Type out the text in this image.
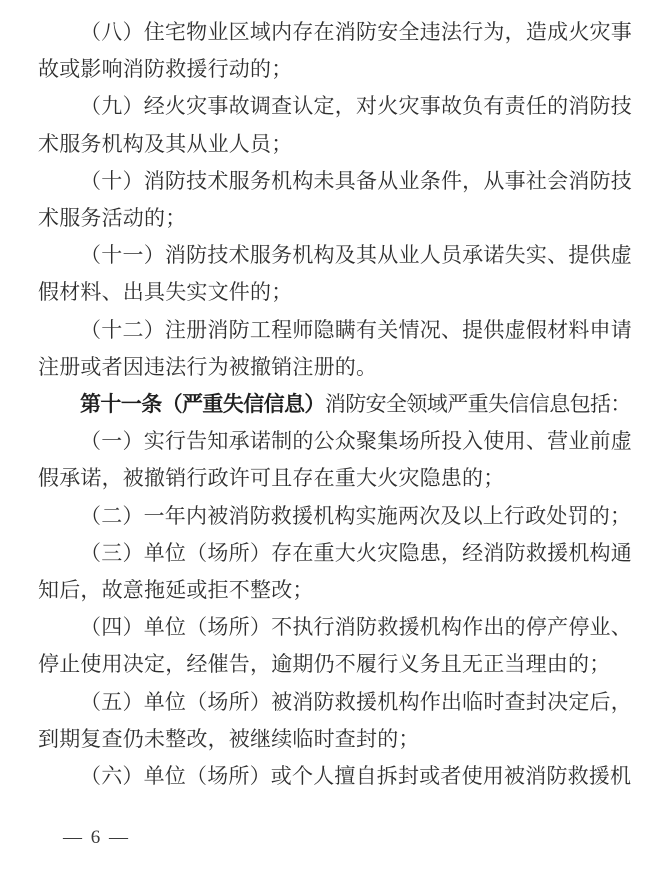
（八）住宅物业区域内存在消防安全违法行为，造成火灾事故或影响消防救援行动的；

（九）经火灾事故调查认定，对火灾事故负有责任的消防技术服务机构及其从业人员；

（十）消防技术服务机构未具备从业条件，从事社会消防技术服务活动的；

（十一）消防技术服务机构及其从业人员承诺失实、提供虚假材料、出具失实文件的；

（十二）注册消防工程师隐瞒有关情况、提供虚假材料申请注册或者因违法行为被撤销注册的。

第十一条（严重失信信息）消防安全领域严重失信信息包括：

（一）实行告知承诺制的公众聚集场所投入使用、营业前虚假承诺，被撤销行政许可且存在重大火灾隐患的；

（二）一年内被消防救援机构实施两次及以上行政处罚的；

（三）单位（场所）存在重大火灾隐患，经消防救援机构通知后，故意拖延或拒不整改；

（四）单位（场所）不执行消防救援机构作出的停产停业、停止使用决定，经催告，逾期仍不履行义务且无正当理由的；

（五）单位（场所）被消防救援机构作出临时查封决定后，到期复查仍未整改，被继续临时查封的；

（六）单位（场所）或个人擅自拆封或者使用被消防救援机

— 6 —
